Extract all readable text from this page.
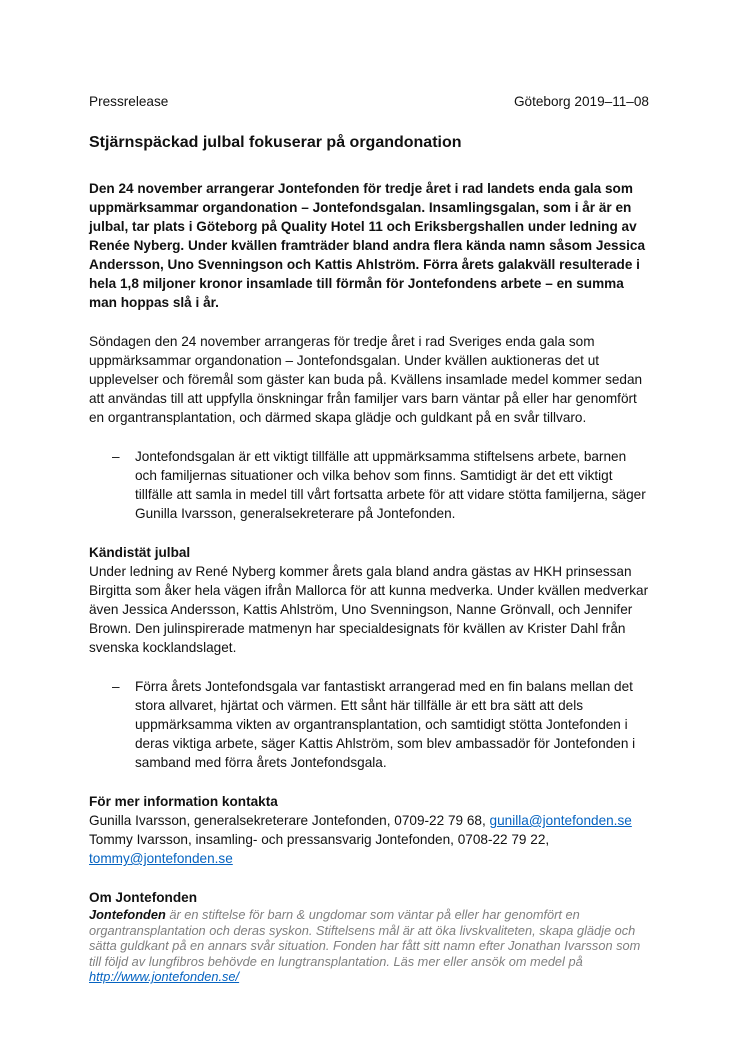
Pressrelease	Göteborg 2019–11–08
Stjärnspäckad julbal fokuserar på organdonation

Den 24 november arrangerar Jontefonden för tredje året i rad landets enda gala som uppmärksammar organdonation – Jontefondsgalan. Insamlingsgalan, som i år är en julbal, tar plats i Göteborg på Quality Hotel 11 och Eriksbergshallen under ledning av Renée Nyberg. Under kvällen framträder bland andra flera kända namn såsom Jessica Andersson, Uno Svenningson och Kattis Ahlström. Förra årets galakväll resulterade i hela 1,8 miljoner kronor insamlade till förmån för Jontefondens arbete – en summa man hoppas slå i år.

Söndagen den 24 november arrangeras för tredje året i rad Sveriges enda gala som uppmärksammar organdonation – Jontefondsgalan. Under kvällen auktioneras det ut upplevelser och föremål som gäster kan buda på. Kvällens insamlade medel kommer sedan att användas till att uppfylla önskningar från familjer vars barn väntar på eller har genomfört en organtransplantation, och därmed skapa glädje och guldkant på en svår tillvaro.

–	Jontefondsgalan är ett viktigt tillfälle att uppmärksamma stiftelsens arbete, barnen och familjernas situationer och vilka behov som finns. Samtidigt är det ett viktigt tillfälle att samla in medel till vårt fortsatta arbete för att vidare stötta familjerna, säger Gunilla Ivarsson, generalsekreterare på Jontefonden.

Kändistät julbal

Under ledning av René Nyberg kommer årets gala bland andra gästas av HKH prinsessan Birgitta som åker hela vägen ifrån Mallorca för att kunna medverka. Under kvällen medverkar även Jessica Andersson, Kattis Ahlström, Uno Svenningson, Nanne Grönvall, och Jennifer Brown. Den julinspirerade matmenyn har specialdesignats för kvällen av Krister Dahl från svenska kocklandslaget.

–	Förra årets Jontefondsgala var fantastiskt arrangerad med en fin balans mellan det stora allvaret, hjärtat och värmen. Ett sånt här tillfälle är ett bra sätt att dels uppmärksamma vikten av organtransplantation, och samtidigt stötta Jontefonden i deras viktiga arbete, säger Kattis Ahlström, som blev ambassadör för Jontefonden i samband med förra årets Jontefondsgala.

För mer information kontakta

Gunilla Ivarsson, generalsekreterare Jontefonden, 0709-22 79 68, gunilla@jontefonden.se
Tommy Ivarsson, insamling- och pressansvarig Jontefonden, 0708-22 79 22,
tommy@jontefonden.se

Om Jontefonden

Jontefonden är en stiftelse för barn & ungdomar som väntar på eller har genomfört en organtransplantation och deras syskon. Stiftelsens mål är att öka livskvaliteten, skapa glädje och sätta guldkant på en annars svår situation. Fonden har fått sitt namn efter Jonathan Ivarsson som till följd av lungfibros behövde en lungtransplantation. Läs mer eller ansök om medel på http://www.jontefonden.se/
